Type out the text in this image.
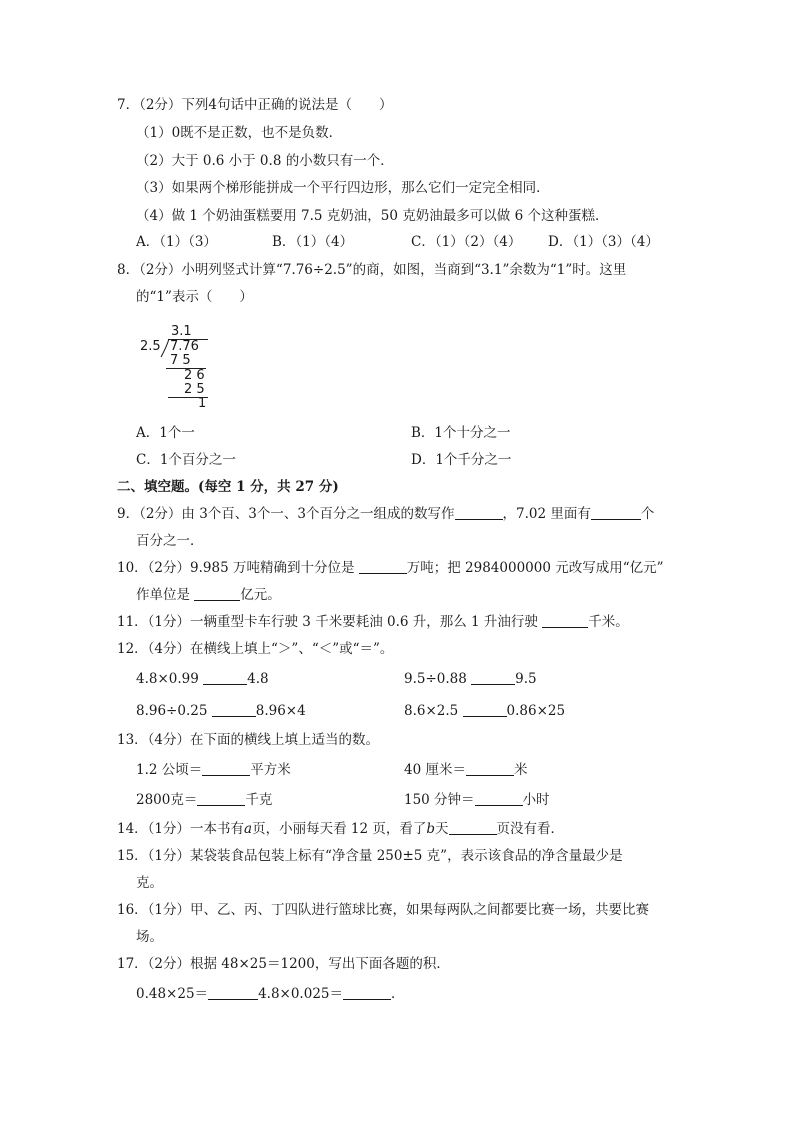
7．（2分）下列4句话中正确的说法是（　　）
（1）0既不是正数，也不是负数．
（2）大于 0.6 小于 0.8 的小数只有一个．
（3）如果两个梯形能拼成一个平行四边形，那么它们一定完全相同．
（4）做 1 个奶油蛋糕要用 7.5 克奶油，50 克奶油最多可以做 6 个这种蛋糕．
A．（1）（3）	B．（1）（4）	C．（1）（2）（4） D．（1）（3）（4）
8．（2分）小明列竖式计算“7.76÷2.5”的商，如图，当商到“3.1”余数为“1”时。这里
的“1”表示（　　）
3.1
2.5 7.76
7 5
2 6
2 5
1
A．1个一	B．1个十分之一
C．1个百分之一	D．1个千分之一
二、填空题。(每空 1 分，共 27 分)
9．（2分）由 3个百、3个一、3个百分之一组成的数写作	，7.02 里面有	个
百分之一．
10．（2分）9.985 万吨精确到十分位是	万吨；把 2984000000 元改写成用“亿元”
作单位是	亿元。
11．（1分）一辆重型卡车行驶 3 千米要耗油 0.6 升，那么 1 升油行驶	千米。
12．（4分）在横线上填上“＞”、“＜”或“＝”。
4.8×0.99	4.8	9.5÷0.88	9.5
8.96÷0.25	8.96×4	8.6×2.5	0.86×25
13．（4分）在下面的横线上填上适当的数。
1.2 公顷＝	平方米	40 厘米＝	米
2800克＝	千克	150 分钟＝	小时
14．（1分）一本书有a页，小丽每天看 12 页，看了b天	页没有看．
15．（1分）某袋装食品包装上标有“净含量 250±5 克”，表示该食品的净含量最少是
克。
16．（1分）甲、乙、丙、丁四队进行篮球比赛，如果每两队之间都要比赛一场，共要比赛
场。
17．（2分）根据 48×25＝1200，写出下面各题的积．
0.48×25＝	4.8×0.025＝	．
